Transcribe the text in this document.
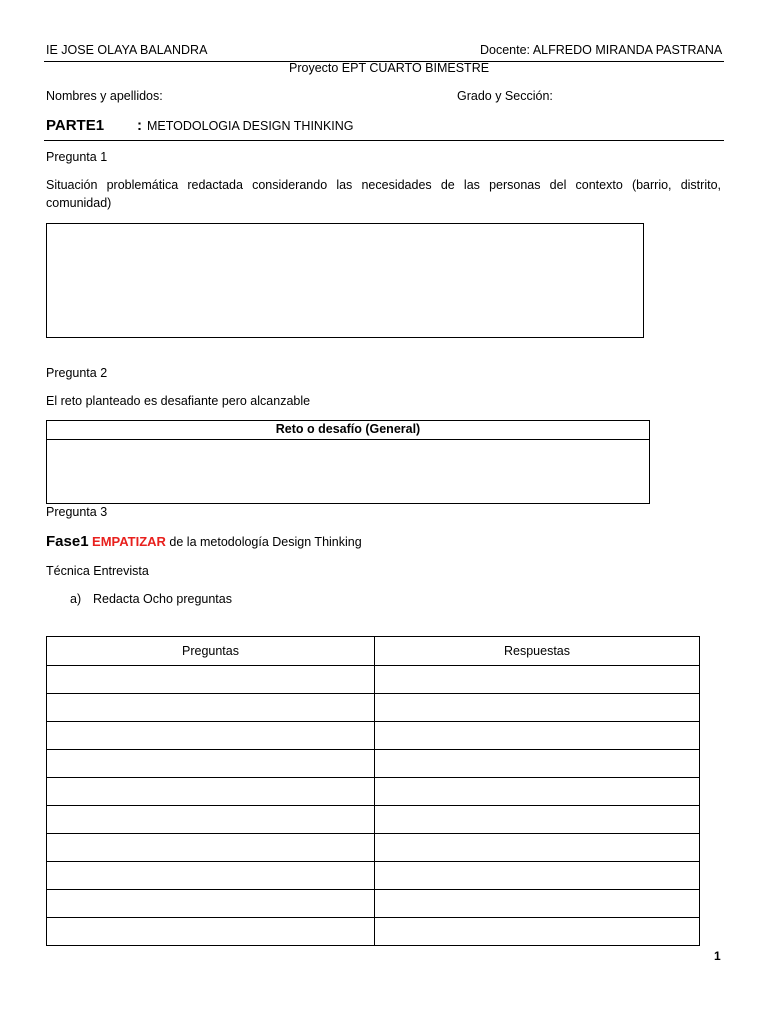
IE JOSE OLAYA BALANDRA	Docente: ALFREDO MIRANDA PASTRANA
Proyecto EPT CUARTO BIMESTRE
Nombres y apellidos:	Grado y Sección:
PARTE1 : METODOLOGIA DESIGN THINKING
Pregunta 1
Situación problemática redactada considerando las necesidades de las personas del contexto (barrio, distrito,
comunidad)
Pregunta 2
El reto planteado es desafiante pero alcanzable
Reto o desafío (General)
Pregunta 3
Fase1 EMPATIZAR de la metodología Design Thinking
Técnica Entrevista
a) Redacta Ocho preguntas
Preguntas	Respuestas

1
